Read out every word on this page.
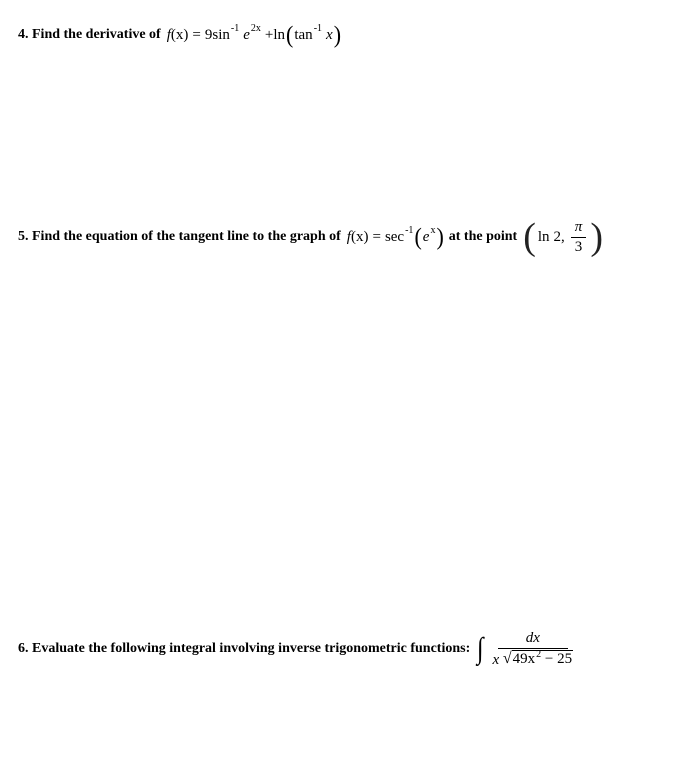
4. Find the derivative of f (x) = 9 sin -1 e 2x + ln ( tan -1 x )
5. Find the equation of the tangent line to the graph of f (x) = sec -1 ( e x ) at the point ( ln 2, $\frac{\pi}{3}$ )
6. Evaluate the following integral involving inverse trigonometric functions: ∫	dx
x √ $49x^2 - 25$
